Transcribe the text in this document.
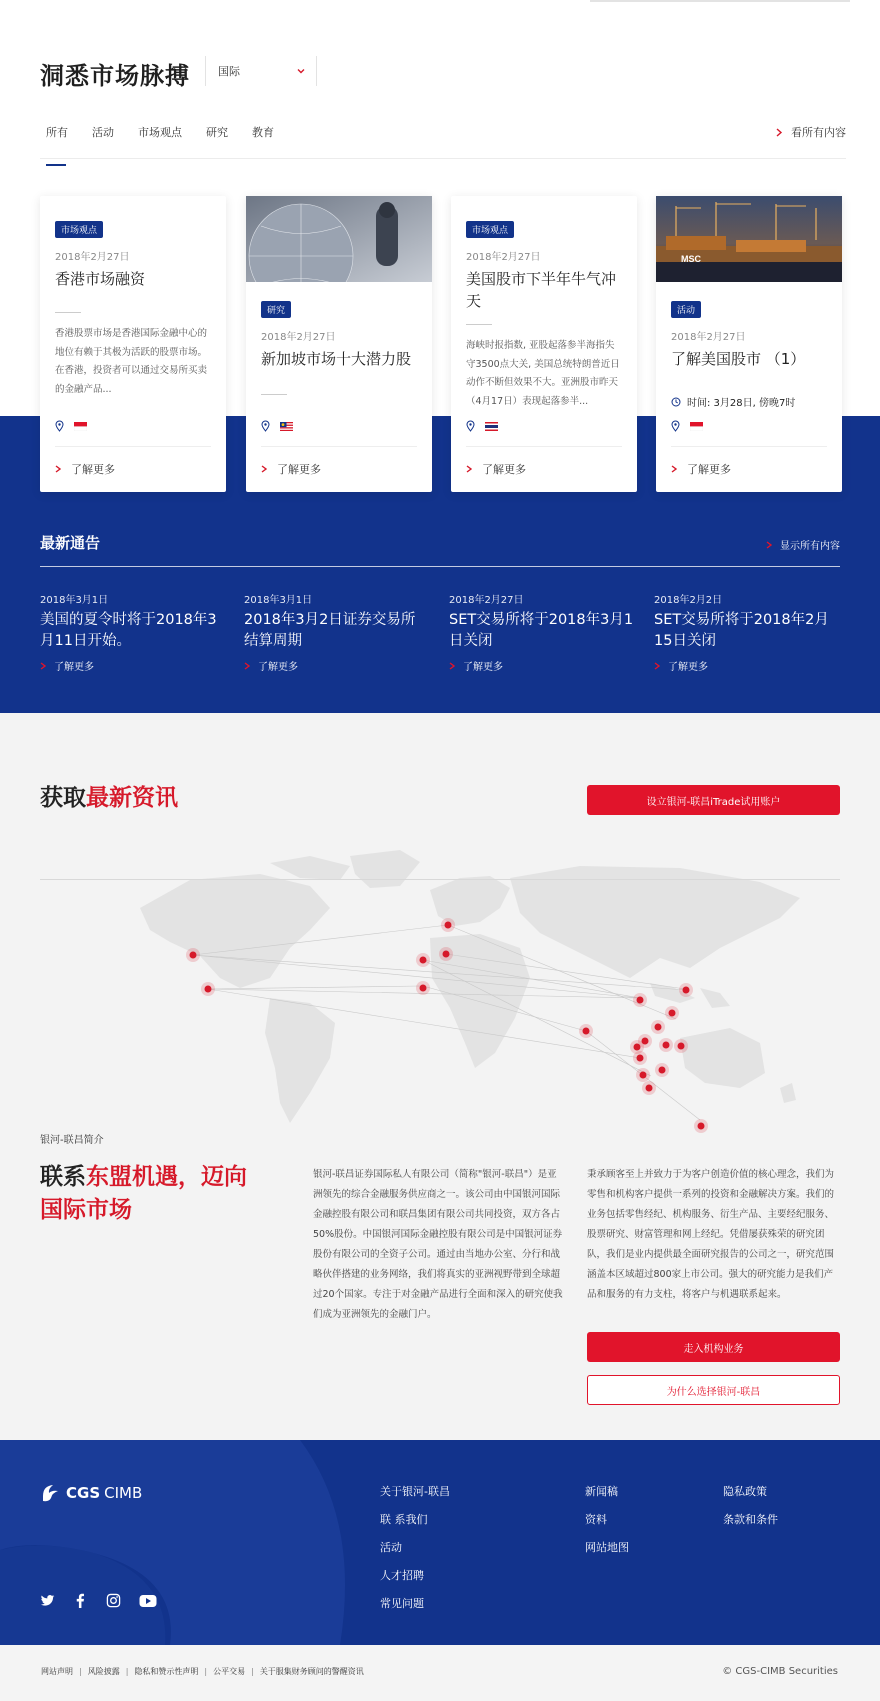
洞悉市场脉搏	国际
所有 活动 市场观点 研究 教育	看所有内容
市场观点
2018年2月27日
香港市场融资
香港股票市场是香港国际金融中心的地位有赖于其极为活跃的股票市场。在香港，投资者可以通过交易所买卖的金融产品...
了解更多
研究
2018年2月27日
新加坡市场十大潜力股
了解更多
市场观点
2018年2月27日
美国股市下半年牛气冲天
海峡时报指数, 亚股起落参半海指失守3500点大关, 美国总统特朗普近日动作不断但效果不大。亚洲股市昨天（4月17日）表现起落参半...
了解更多
MSC
活动
2018年2月27日
了解美国股市 （1）
时间: 3月28日, 傍晚7时
了解更多
最新通告	显示所有内容
2018年3月1日
美国的夏令时将于2018年3月11日开始。
了解更多
2018年3月1日
2018年3月2日证券交易所结算周期
了解更多
2018年2月27日
SET交易所将于2018年3月1日关闭
了解更多
2018年2月2日
SET交易所将于2018年2月15日关闭
了解更多
获取最新资讯	设立银河-联昌iTrade试用账户
银河-联昌简介
联系东盟机遇，迈向
国际市场

银河-联昌证券国际私人有限公司（简称"银河-联昌"）是亚洲领先的综合金融服务供应商之一。该公司由中国银河国际金融控股有限公司和联昌集团有限公司共同投资，双方各占50%股份。中国银河国际金融控股有限公司是中国银河证券股份有限公司的全资子公司。通过由当地办公室、分行和战略伙伴搭建的业务网络，我们将真实的亚洲视野带到全球超过20个国家。专注于对金融产品进行全面和深入的研究使我们成为亚洲领先的金融门户。

秉承顾客至上并致力于为客户创造价值的核心理念，我们为零售和机构客户提供一系列的投资和金融解决方案。我们的业务包括零售经纪、机构服务、衍生产品、主要经纪服务、股票研究、财富管理和网上经纪。凭借屡获殊荣的研究团队，我们是业内提供最全面研究报告的公司之一，研究范围涵盖本区域超过800家上市公司。强大的研究能力是我们产品和服务的有力支柱，将客户与机遇联系起来。

走入机构业务
为什么选择银河-联昌
CGS CIMB	关于银河-联昌
联 系我们
活动
人才招聘
常见问题
新闻稿
资料
网站地图
隐私政策
条款和条件
网站声明 | 风险披露 | 隐私和赞示性声明 | 公平交易 | 关于服集财务顾问的警醒资讯	© CGS-CIMB Securities
